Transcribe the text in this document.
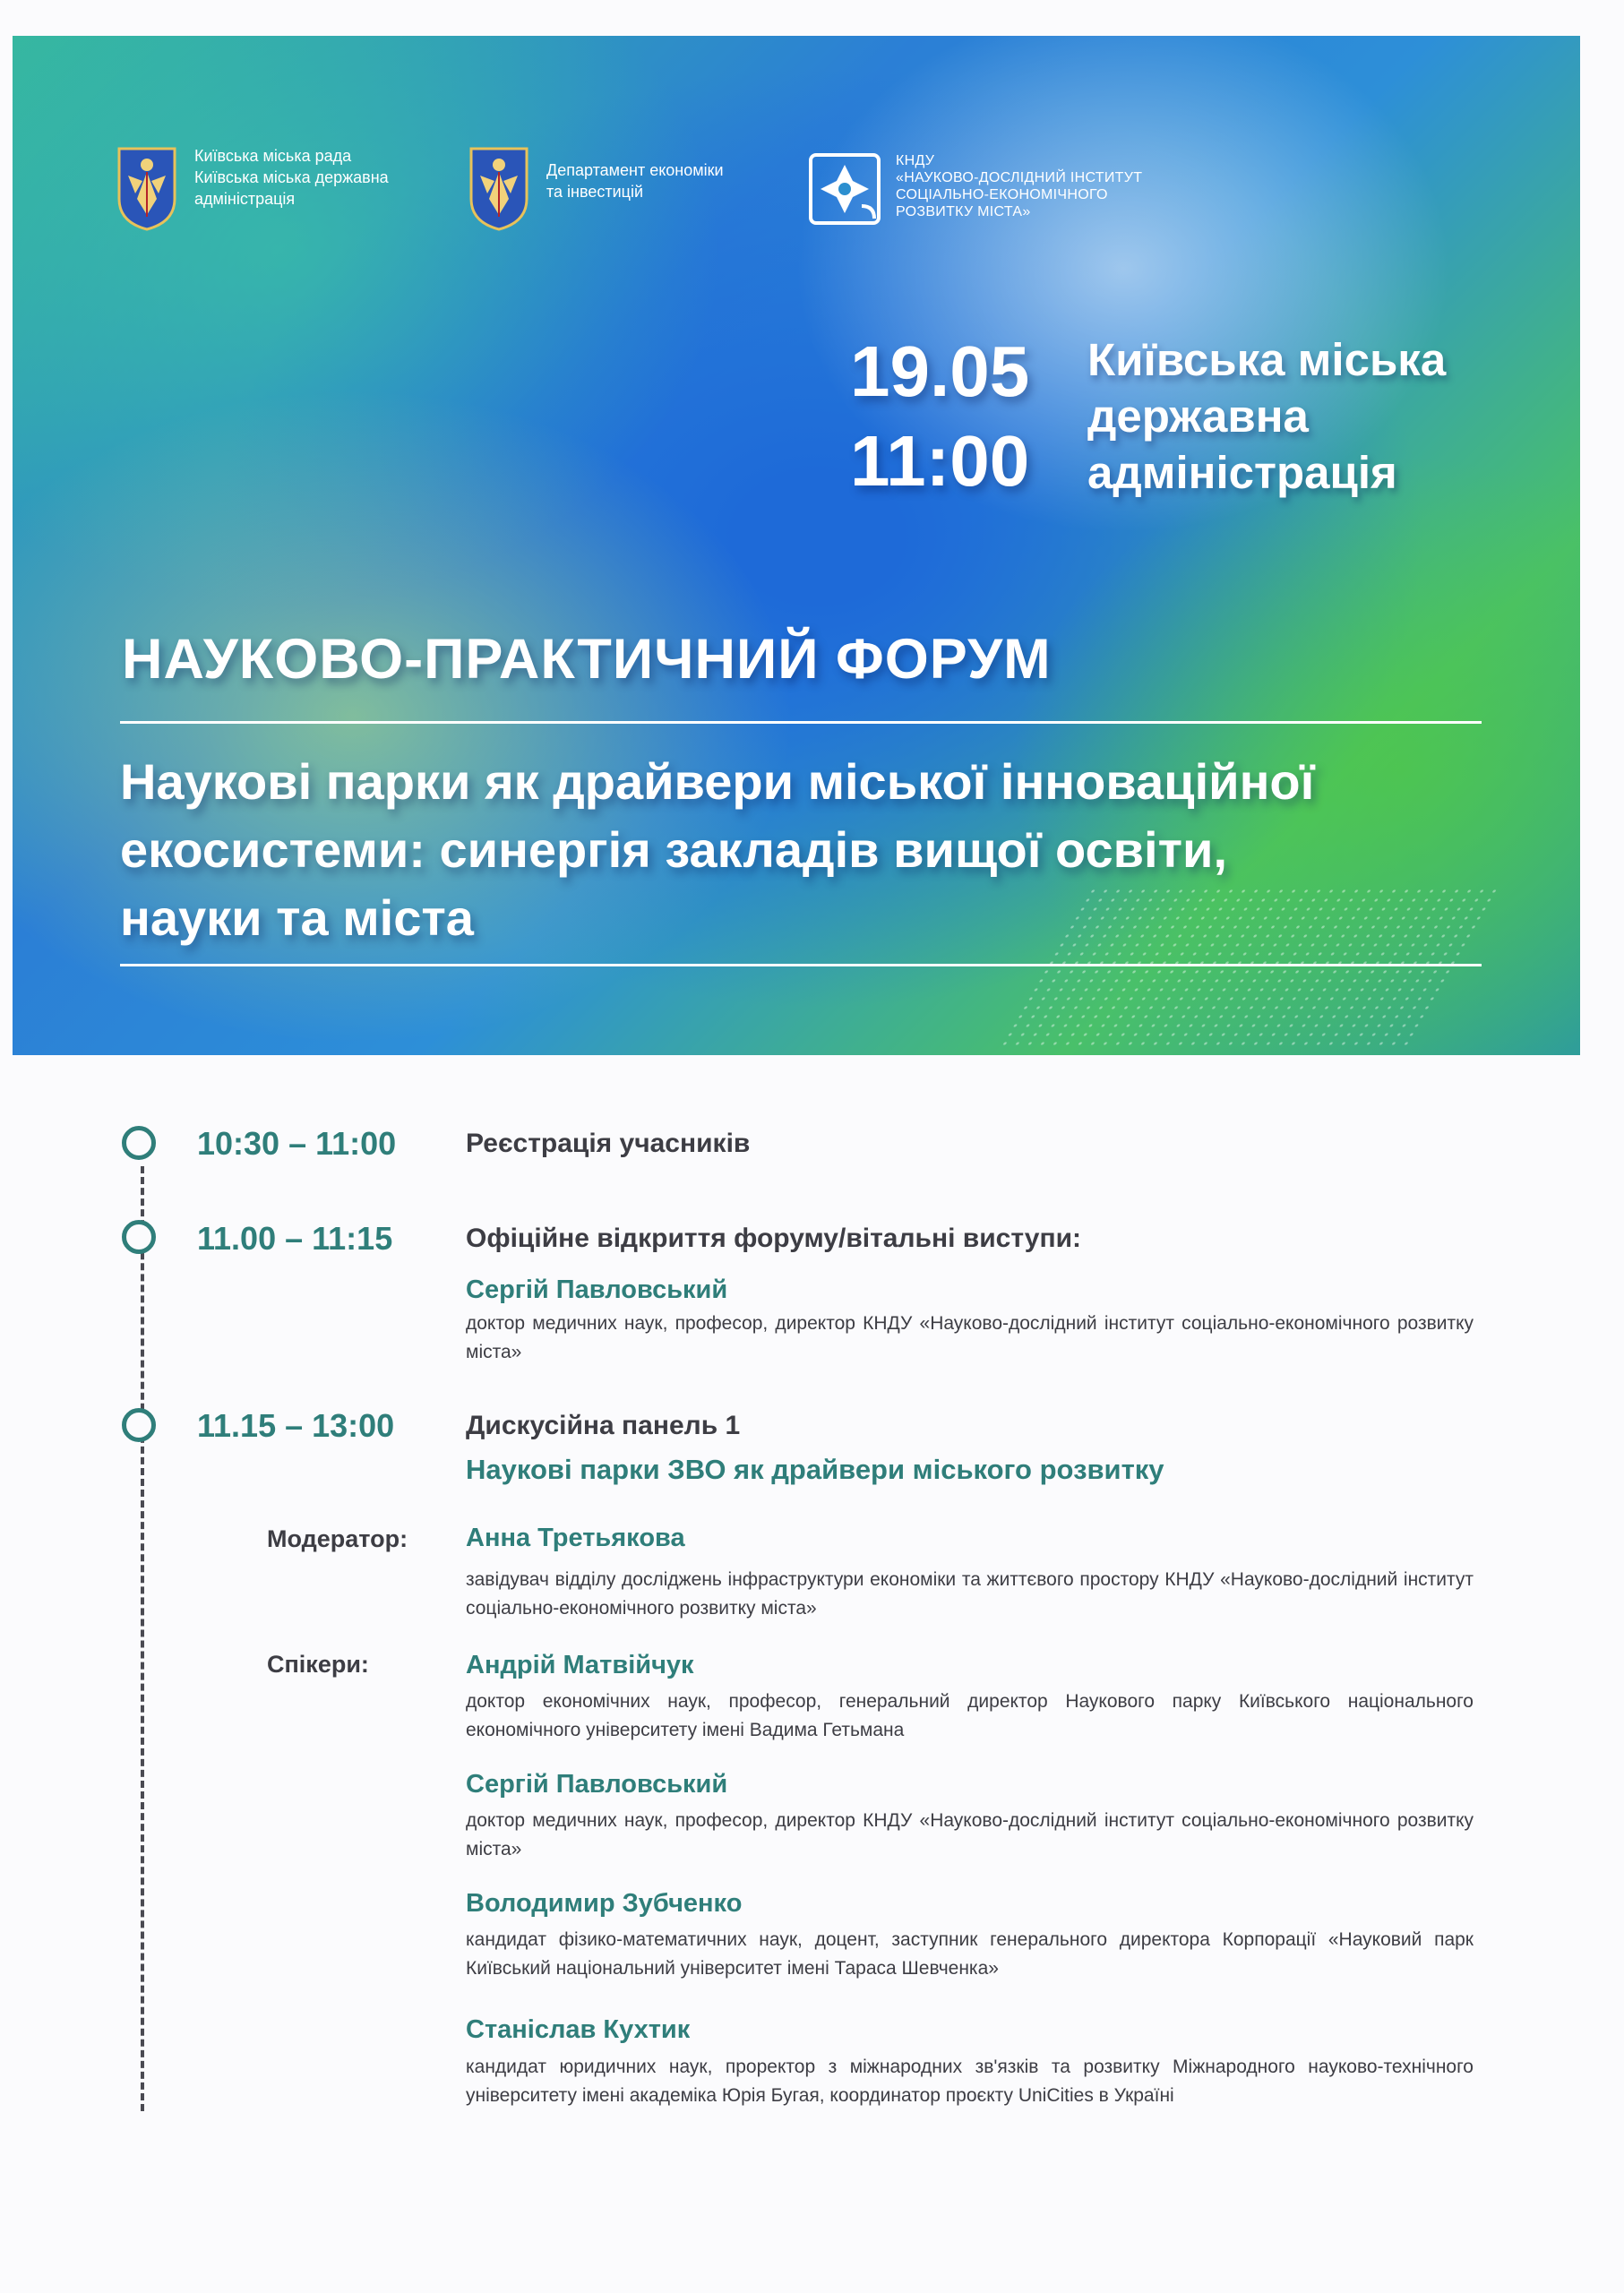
Київська міська рада
Київська міська державна
адміністрація
Департамент економіки
та інвестицій
КНДУ
«НАУКОВО-ДОСЛІДНИЙ ІНСТИТУТ
СОЦІАЛЬНО-ЕКОНОМІЧНОГО
РОЗВИТКУ МІСТА»
19.05
11:00
Київська міська
державна
адміністрація
НАУКОВО-ПРАКТИЧНИЙ ФОРУМ
Наукові парки як драйвери міської інноваційної
екосистеми: синергія закладів вищої освіти,
науки та міста
10:30 – 11:00	Реєстрація учасників
11.00 – 11:15	Офіційне відкриття форуму/вітальні виступи:
Сергій Павловський
доктор медичних наук, професор, директор КНДУ «Науково-дослідний інститут соціально-економічного розвитку міста»
11.15 – 13:00	Дискусійна панель 1
Наукові парки ЗВО як драйвери міського розвитку
Модератор: Анна Третьякова
завідувач відділу досліджень інфраструктури економіки та життєвого простору КНДУ «Науково-дослідний інститут соціально-економічного розвитку міста»
Спікери:	Андрій Матвійчук
доктор економічних наук, професор, генеральний директор Наукового парку Київського національного економічного університету імені Вадима Гетьмана
Сергій Павловський
доктор медичних наук, професор, директор КНДУ «Науково-дослідний інститут соціально-економічного розвитку міста»
Володимир Зубченко
кандидат фізико-математичних наук, доцент, заступник генерального директора Корпорації «Науковий парк Київський національний університет імені Тараса Шевченка»
Станіслав Кухтик
кандидат юридичних наук, проректор з міжнародних зв'язків та розвитку Міжнародного науково-технічного університету імені академіка Юрія Бугая, координатор проєкту UniCities в Україні
